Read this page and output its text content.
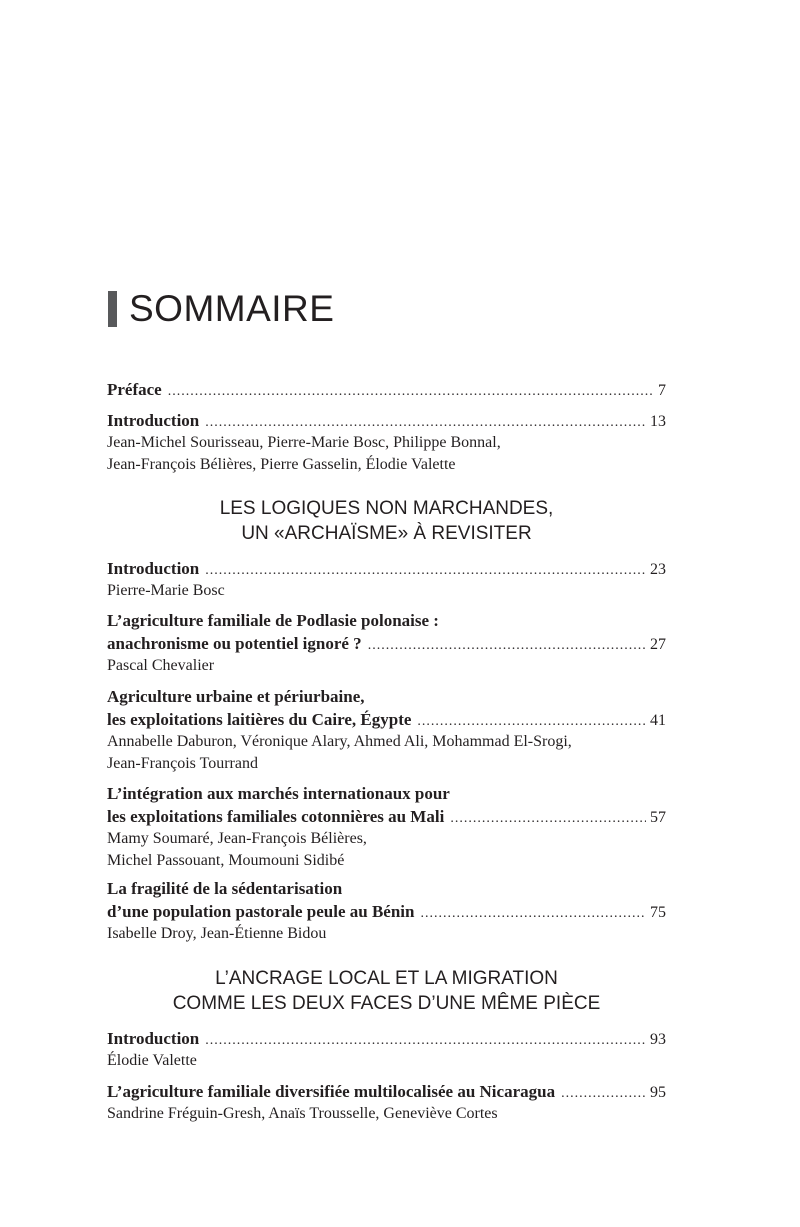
SOMMAIRE
Préface .....	7
Introduction .....	13
Jean-Michel Sourisseau, Pierre-Marie Bosc, Philippe Bonnal,
Jean-François Bélières, Pierre Gasselin, Élodie Valette
LES LOGIQUES NON MARCHANDES,
UN «ARCHAÏSME» À REVISITER
Introduction .....	23
Pierre-Marie Bosc
L’agriculture familiale de Podlasie polonaise :
anachronisme ou potentiel ignoré ? .....	27
Pascal Chevalier
Agriculture urbaine et périurbaine,
les exploitations laitières du Caire, Égypte .....	41
Annabelle Daburon, Véronique Alary, Ahmed Ali, Mohammad El-Srogi,
Jean-François Tourrand
L’intégration aux marchés internationaux pour
les exploitations familiales cotonnières au Mali .....	57
Mamy Soumaré, Jean-François Bélières,
Michel Passouant, Moumouni Sidibé
La fragilité de la sédentarisation
d’une population pastorale peule au Bénin .....	75
Isabelle Droy, Jean-Étienne Bidou
L’ANCRAGE LOCAL ET LA MIGRATION
COMME LES DEUX FACES D’UNE MÊME PIÈCE
Introduction .....	93
Élodie Valette
L’agriculture familiale diversifiée multilocalisée au Nicaragua .....	95
Sandrine Fréguin-Gresh, Anaïs Trousselle, Geneviève Cortes
